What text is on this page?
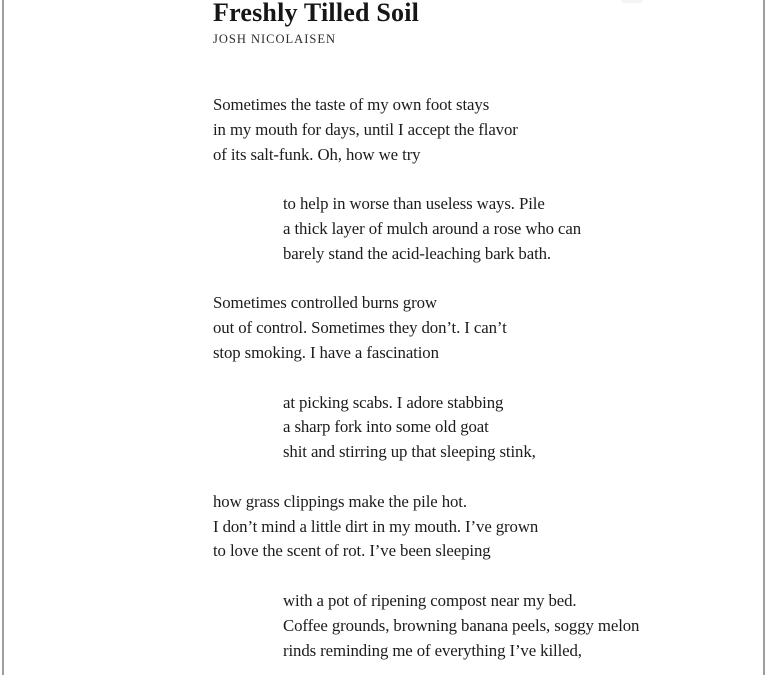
Freshly Tilled Soil
JOSH NICOLAISEN

Sometimes the taste of my own foot stays
in my mouth for days, until I accept the flavor
of its salt-funk. Oh, how we try

to help in worse than useless ways. Pile
a thick layer of mulch around a rose who can
barely stand the acid-leaching bark bath.

Sometimes controlled burns grow
out of control. Sometimes they don’t. I can’t
stop smoking. I have a fascination

at picking scabs. I adore stabbing
a sharp fork into some old goat
shit and stirring up that sleeping stink,

how grass clippings make the pile hot.
I don’t mind a little dirt in my mouth. I’ve grown
to love the scent of rot. I’ve been sleeping

with a pot of ripening compost near my bed.
Coffee grounds, browning banana peels, soggy melon
rinds reminding me of everything I’ve killed,
